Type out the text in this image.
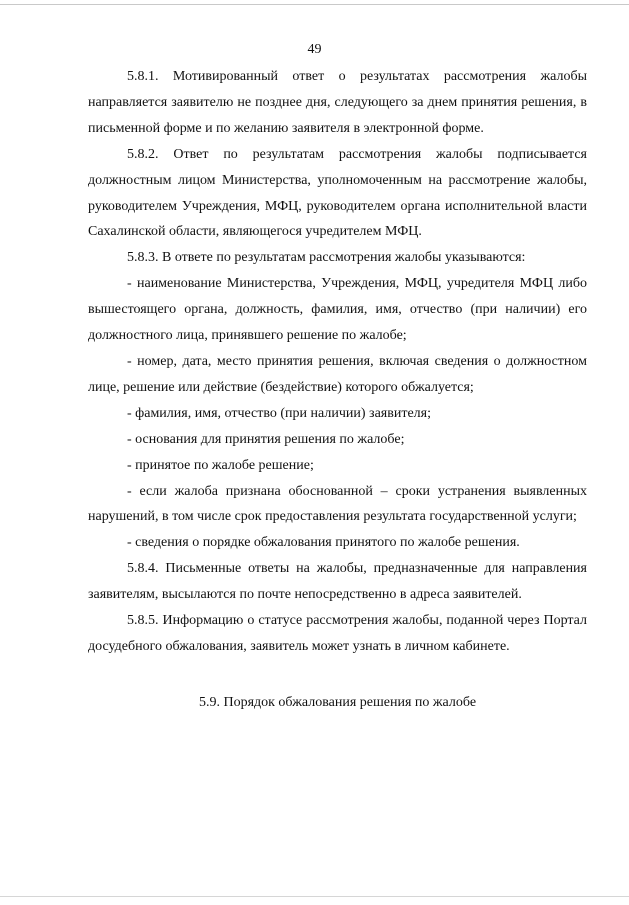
49

5.8.1. Мотивированный ответ о результатах рассмотрения жалобы направляется заявителю не позднее дня, следующего за днем принятия решения, в письменной форме и по желанию заявителя в электронной форме.

5.8.2. Ответ по результатам рассмотрения жалобы подписывается должностным лицом Министерства, уполномоченным на рассмотрение жалобы, руководителем Учреждения, МФЦ, руководителем органа исполнительной власти Сахалинской области, являющегося учредителем МФЦ.

5.8.3. В ответе по результатам рассмотрения жалобы указываются:

- наименование Министерства, Учреждения, МФЦ, учредителя МФЦ либо вышестоящего органа, должность, фамилия, имя, отчество (при наличии) его должностного лица, принявшего решение по жалобе;

- номер, дата, место принятия решения, включая сведения о должностном лице, решение или действие (бездействие) которого обжалуется;

- фамилия, имя, отчество (при наличии) заявителя;

- основания для принятия решения по жалобе;

- принятое по жалобе решение;

- если жалоба признана обоснованной – сроки устранения выявленных нарушений, в том числе срок предоставления результата государственной услуги;

- сведения о порядке обжалования принятого по жалобе решения.

5.8.4. Письменные ответы на жалобы, предназначенные для направления заявителям, высылаются по почте непосредственно в адреса заявителей.

5.8.5. Информацию о статусе рассмотрения жалобы, поданной через Портал досудебного обжалования, заявитель может узнать в личном кабинете.

5.9. Порядок обжалования решения по жалобе
